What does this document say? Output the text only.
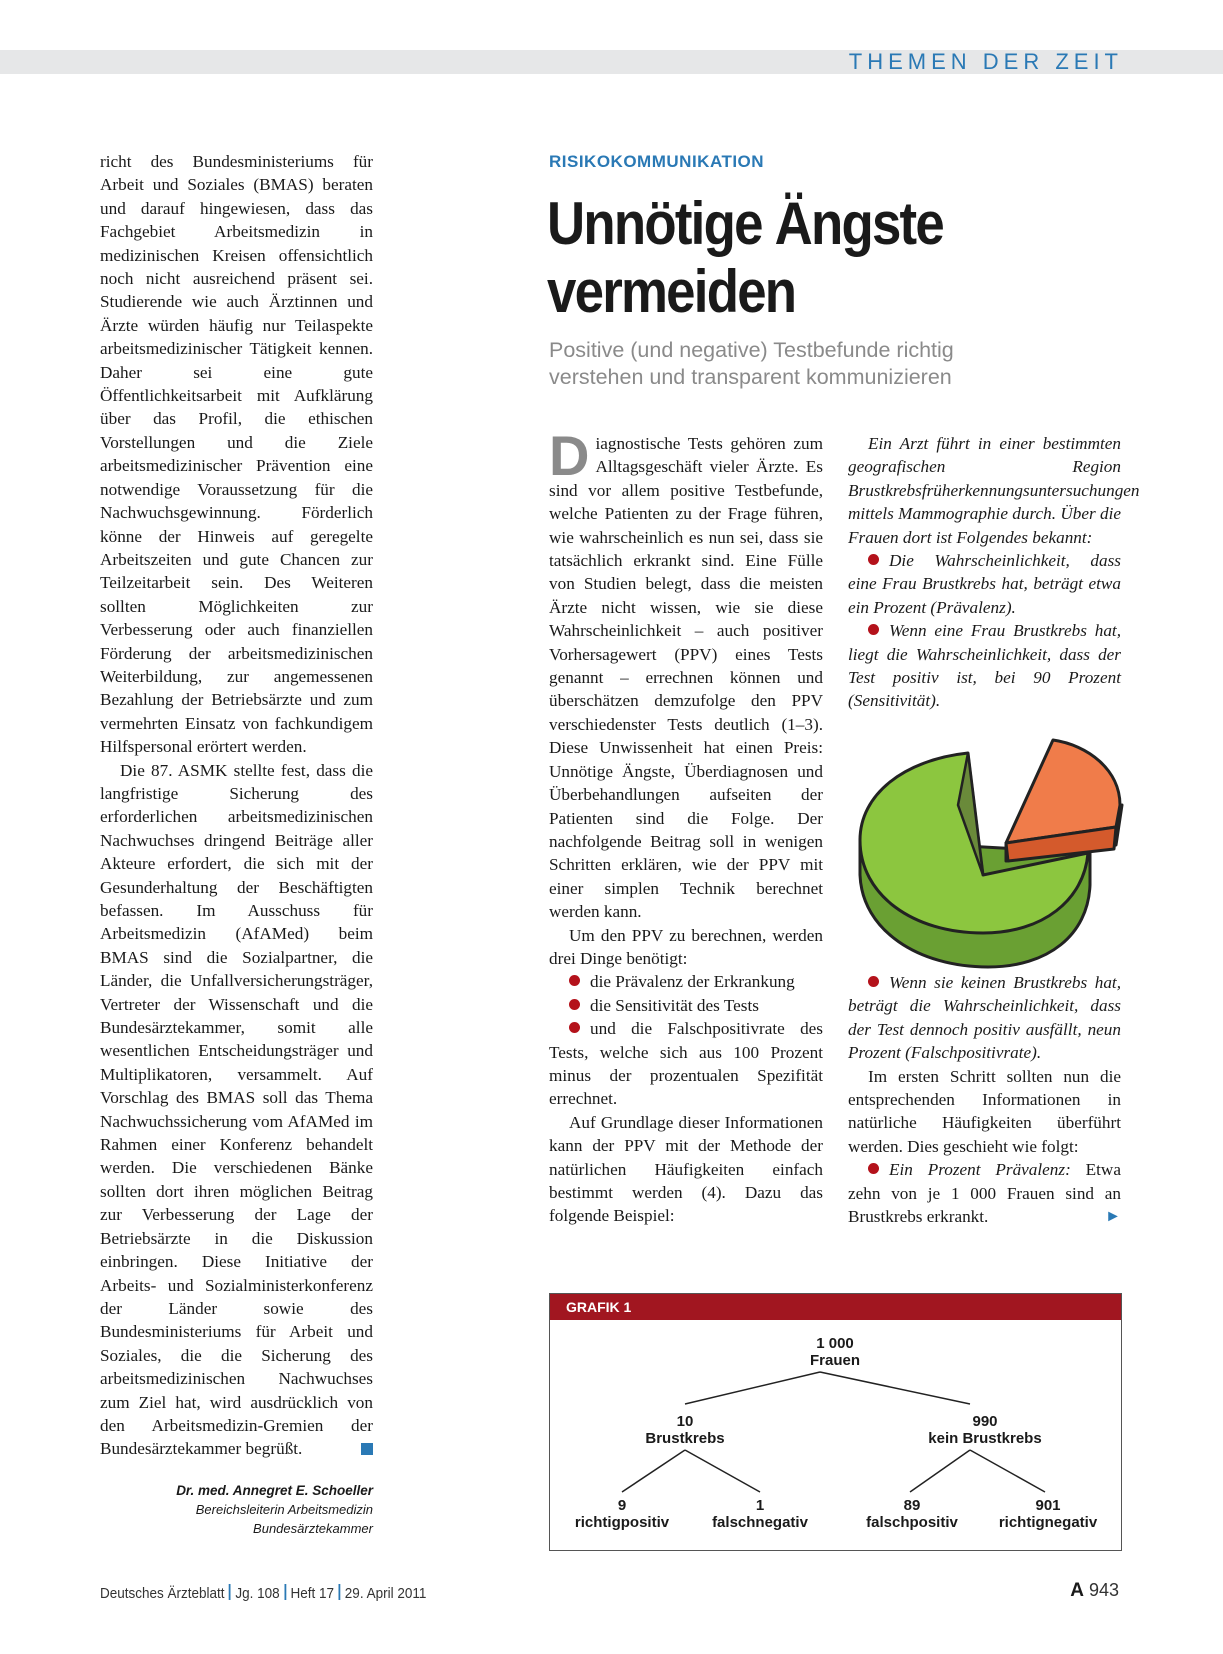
THEMEN DER ZEIT

richt des Bundesministeriums für Arbeit und Soziales (BMAS) beraten und darauf hingewiesen, dass das Fachgebiet Arbeitsmedizin in medizinischen Kreisen offensichtlich noch nicht ausreichend präsent sei. Studierende wie auch Ärztinnen und Ärzte würden häufig nur Teilaspekte arbeitsmedizinischer Tätigkeit kennen. Daher sei eine gute Öffentlichkeitsarbeit mit Aufklärung über das Profil, die ethischen Vorstellungen und die Ziele arbeitsmedizinischer Prävention eine notwendige Voraussetzung für die Nachwuchsgewinnung. Förderlich könne der Hinweis auf geregelte Arbeitszeiten und gute Chancen zur Teilzeitarbeit sein. Des Weiteren sollten Möglichkeiten zur Verbesserung oder auch finanziellen Förderung der arbeitsmedizinischen Weiterbildung, zur angemessenen Bezahlung der Betriebsärzte und zum vermehrten Einsatz von fachkundigem Hilfspersonal erörtert werden.

Die 87. ASMK stellte fest, dass die langfristige Sicherung des erforderlichen arbeitsmedizinischen Nachwuchses dringend Beiträge aller Akteure erfordert, die sich mit der Gesunderhaltung der Beschäftigten befassen. Im Ausschuss für Arbeitsmedizin (AfAMed) beim BMAS sind die Sozialpartner, die Länder, die Unfallversicherungsträger, Vertreter der Wissenschaft und die Bundesärztekammer, somit alle wesentlichen Entscheidungsträger und Multiplikatoren, versammelt. Auf Vorschlag des BMAS soll das Thema Nachwuchssicherung vom AfAMed im Rahmen einer Konferenz behandelt werden. Die verschiedenen Bänke sollten dort ihren möglichen Beitrag zur Verbesserung der Lage der Betriebsärzte in die Diskussion einbringen. Diese Initiative der Arbeits- und Sozialministerkonferenz der Länder sowie des Bundesministeriums für Arbeit und Soziales, die die Sicherung des arbeitsmedizinischen Nachwuchses zum Ziel hat, wird ausdrücklich von den Arbeitsmedizin-Gremien der Bundesärztekammer begrüßt.

Dr. med. Annegret E. Schoeller
Bereichsleiterin Arbeitsmedizin
Bundesärztekammer
RISIKOKOMMUNIKATION
Unnötige Ängste
vermeiden
Positive (und negative) Testbefunde richtig
verstehen und transparent kommunizieren

Diagnostische Tests gehören zum Alltagsgeschäft vieler Ärzte. Es sind vor allem positive Testbefunde, welche Patienten zu der Frage führen, wie wahrscheinlich es nun sei, dass sie tatsächlich erkrankt sind. Eine Fülle von Studien belegt, dass die meisten Ärzte nicht wissen, wie sie diese Wahrscheinlichkeit – auch positiver Vorhersagewert (PPV) eines Tests genannt – errechnen können und überschätzen demzufolge den PPV verschiedenster Tests deutlich (1–3). Diese Unwissenheit hat einen Preis: Unnötige Ängste, Überdiagnosen und Überbehandlungen aufseiten der Patienten sind die Folge. Der nachfolgende Beitrag soll in wenigen Schritten erklären, wie der PPV mit einer simplen Technik berechnet werden kann.

Um den PPV zu berechnen, werden drei Dinge benötigt:

die Prävalenz der Erkrankung

die Sensitivität des Tests

und die Falschpositivrate des Tests, welche sich aus 100 Prozent minus der prozentualen Spezifität errechnet.

Auf Grundlage dieser Informationen kann der PPV mit der Methode der natürlichen Häufigkeiten einfach bestimmt werden (4). Dazu das folgende Beispiel:

Ein Arzt führt in einer bestimmten geografischen Region Brustkrebsfrüherkennungsuntersuchungen mittels Mammographie durch. Über die Frauen dort ist Folgendes bekannt:

Die Wahrscheinlichkeit, dass eine Frau Brustkrebs hat, beträgt etwa ein Prozent (Prävalenz).

Wenn eine Frau Brustkrebs hat, liegt die Wahrscheinlichkeit, dass der Test positiv ist, bei 90 Prozent (Sensitivität).

Wenn sie keinen Brustkrebs hat, beträgt die Wahrscheinlichkeit, dass der Test dennoch positiv ausfällt, neun Prozent (Falschpositivrate).

Im ersten Schritt sollten nun die entsprechenden Informationen in natürliche Häufigkeiten überführt werden. Dies geschieht wie folgt:

Ein Prozent Prävalenz: Etwa zehn von je 1 000 Frauen sind an Brustkrebs erkrankt.	►

GRAFIK 1
1 000
Frauen
10
Brustkrebs
990
kein Brustkrebs
9
richtigpositiv
1
falschnegativ
89
falschpositiv
901
richtignegativ
Deutsches Ärzteblatt Jg. 108 Heft 17 29. April 2011	A 943
